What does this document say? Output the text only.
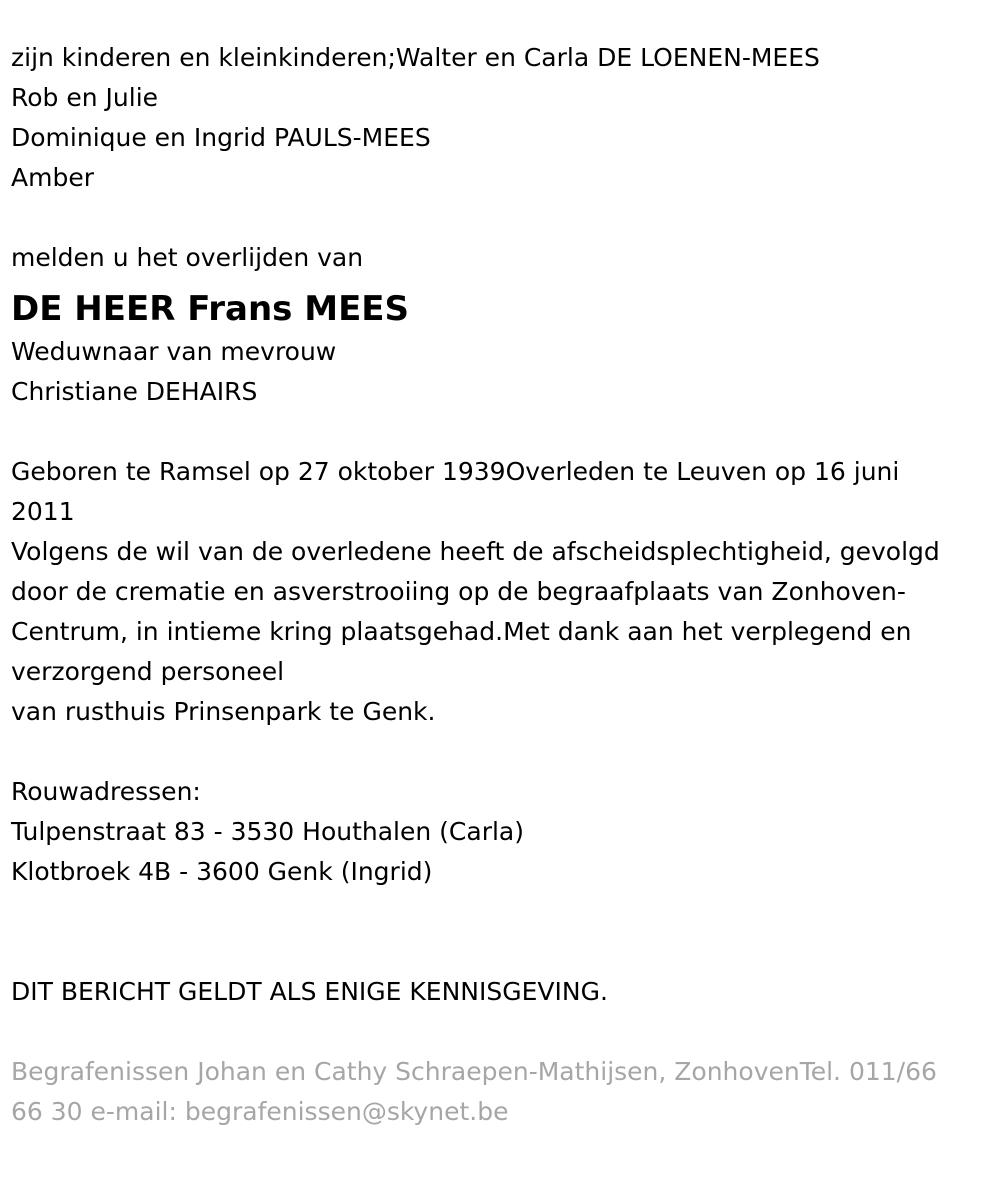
zijn kinderen en kleinkinderen;Walter en Carla DE LOENEN-MEES
Rob en Julie
Dominique en Ingrid PAULS-MEES
Amber
melden u het overlijden van
DE HEER Frans MEES
Weduwnaar van mevrouw
Christiane DEHAIRS
Geboren te Ramsel op 27 oktober 1939Overleden te Leuven op 16 juni 2011
Volgens de wil van de overledene heeft de afscheidsplechtigheid, gevolgd door de crematie en asverstrooiing op de begraafplaats van Zonhoven-Centrum, in intieme kring plaatsgehad.Met dank aan het verplegend en verzorgend personeel
van rusthuis Prinsenpark te Genk.
Rouwadressen:
Tulpenstraat 83 - 3530 Houthalen (Carla)
Klotbroek 4B - 3600 Genk (Ingrid)
DIT BERICHT GELDT ALS ENIGE KENNISGEVING.
Begrafenissen Johan en Cathy Schraepen-Mathijsen, ZonhovenTel. 011/66 66 30 e-mail: begrafenissen@skynet.be
